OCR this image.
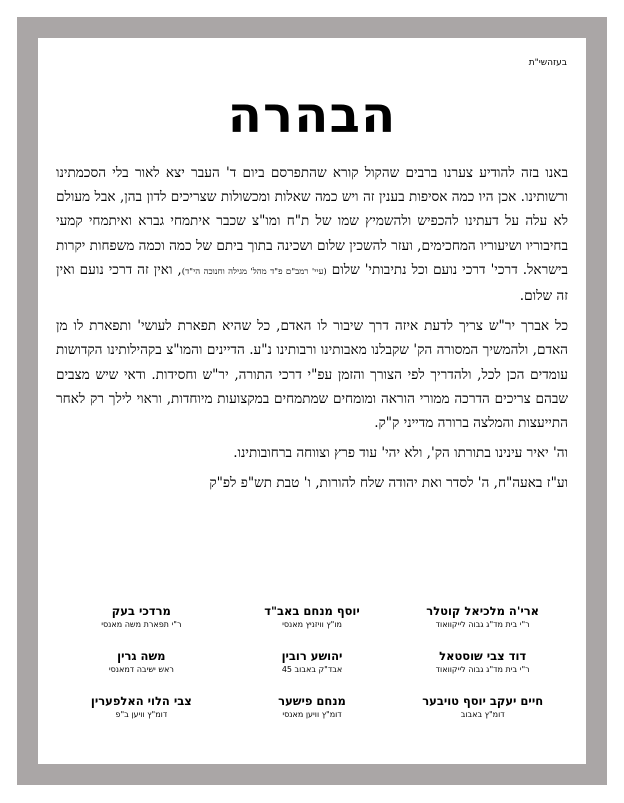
בעזהשי"ת
הבהרה

באנו בזה להודיע צערנו ברבים שהקול קורא שהתפרסם ביום ד' העבר יצא לאור בלי הסכמתינו ורשותינו. אכן היו כמה אסיפות בענין זה ויש כמה שאלות ומכשולות שצריכים לדון בהן, אבל מעולם לא עלה על דעתינו להכפיש ולהשמיץ שמו של ת"ח ומו"צ שכבר איתמחי גברא ואיתמחי קמעי בחיבוריו ושיעוריו המחכימים, ועזר להשכין שלום ושכינה בתוך ביתם של כמה וכמה משפחות יקרות בישראל. דרכי' דרכי נועם וכל נתיבותי' שלום (עיי' רמב"ם פ"ד מהל' מגילה וחנוכה הי"ד), ואין זה דרכי נועם ואין זה שלום.

כל אברך יר"ש צריך לדעת איזה דרך שיבור לו האדם, כל שהיא תפארת לעושי' ותפארת לו מן האדם, ולהמשיך המסורה הק' שקבלנו מאבותינו ורבותינו נ"ע. הדיינים והמו"צ בקהילותינו הקדושות עומדים הכן לכל, ולהדריך לפי הצורך והזמן עפ"י דרכי התורה, יר"ש וחסידות. ודאי שיש מצבים שבהם צריכים הדרכה ממורי הוראה ומומחים שמתמחים במקצועות מיוחדות, וראוי לילך רק לאחר התייעצות והמלצה ברורה מדייני ק"ק.

וה' יאיר עינינו בתורתו הק', ולא יהי' עוד פרץ וצווחה ברחובותינו.

וע"ז באעה"ח, ה' לסדר ואת יהודה שלח להורות, ו' טבת תש"פ לפ"ק

ארי'ה מלכיאל קוטלר
ר"י בית מד"ג גבוה לייקוואוד
יוסף מנחם באב"ד
מו"ץ וויזניץ מאנסי
מרדכי בעק
ר"י תפארת משה מאנסי
דוד צבי שוסטאל
ר"י בית מד"ג גבוה לייקוואוד
יהושע רובין
אבד"ק באבוב 45
משה גרין
ראש ישיבה דמאנסי
חיים יעקב יוסף טויבער
דומ"ץ באבוב
מנחם פישער
דומ"ץ וויען מאנסי
צבי הלוי האלפערין
דומ"ץ וויען ב"פ
